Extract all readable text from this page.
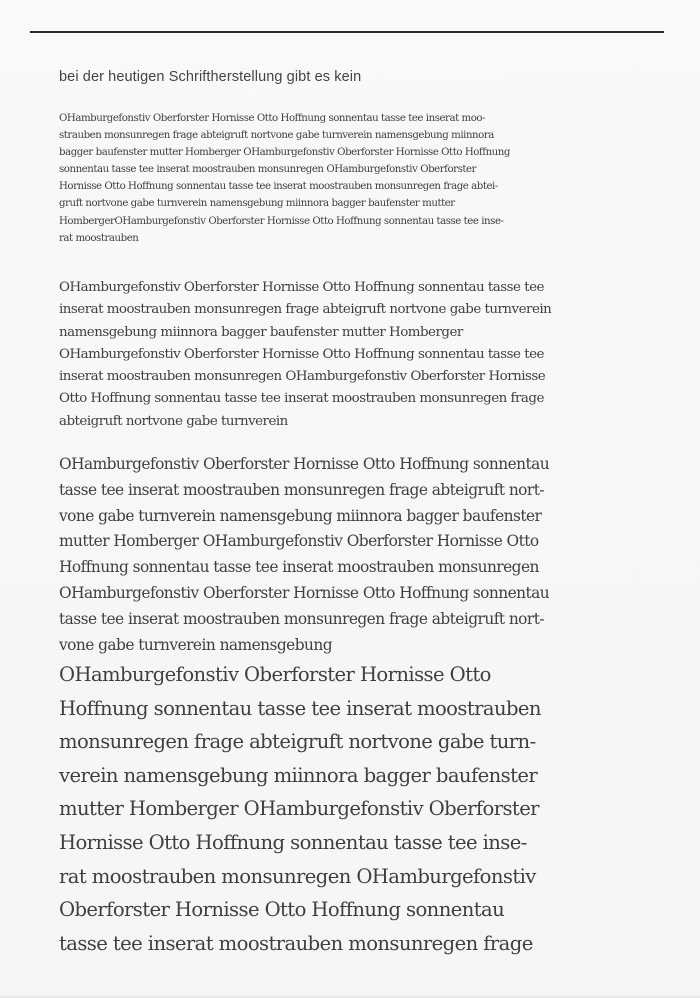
bei der heutigen Schriftherstellung gibt es kein

OHamburgefonstiv Oberforster Hornisse Otto Hoffnung sonnentau tasse tee inserat moo-
strauben monsunregen frage abteigruft nortvone gabe turnverein namensgebung miinnora
bagger baufenster mutter Homberger OHamburgefonstiv Oberforster Hornisse Otto Hoffnung
sonnentau tasse tee inserat moostrauben monsunregen OHamburgefonstiv Oberforster
Hornisse Otto Hoffnung sonnentau tasse tee inserat moostrauben monsunregen frage abtei-
gruft nortvone gabe turnverein namensgebung miinnora bagger baufenster mutter
HombergerOHamburgefonstiv Oberforster Hornisse Otto Hoffnung sonnentau tasse tee inse-
rat moostrauben

OHamburgefonstiv Oberforster Hornisse Otto Hoffnung sonnentau tasse tee
inserat moostrauben monsunregen frage abteigruft nortvone gabe turnverein
namensgebung miinnora bagger baufenster mutter Homberger
OHamburgefonstiv Oberforster Hornisse Otto Hoffnung sonnentau tasse tee
inserat moostrauben monsunregen OHamburgefonstiv Oberforster Hornisse
Otto Hoffnung sonnentau tasse tee inserat moostrauben monsunregen frage
abteigruft nortvone gabe turnverein

OHamburgefonstiv Oberforster Hornisse Otto Hoffnung sonnentau
tasse tee inserat moostrauben monsunregen frage abteigruft nort-
vone gabe turnverein namensgebung miinnora bagger baufenster
mutter Homberger OHamburgefonstiv Oberforster Hornisse Otto
Hoffnung sonnentau tasse tee inserat moostrauben monsunregen
OHamburgefonstiv Oberforster Hornisse Otto Hoffnung sonnentau
tasse tee inserat moostrauben monsunregen frage abteigruft nort-
vone gabe turnverein namensgebung

OHamburgefonstiv Oberforster Hornisse Otto
Hoffnung sonnentau tasse tee inserat moostrauben
monsunregen frage abteigruft nortvone gabe turn-
verein namensgebung miinnora bagger baufenster
mutter Homberger OHamburgefonstiv Oberforster
Hornisse Otto Hoffnung sonnentau tasse tee inse-
rat moostrauben monsunregen OHamburgefonstiv
Oberforster Hornisse Otto Hoffnung sonnentau
tasse tee inserat moostrauben monsunregen frage
